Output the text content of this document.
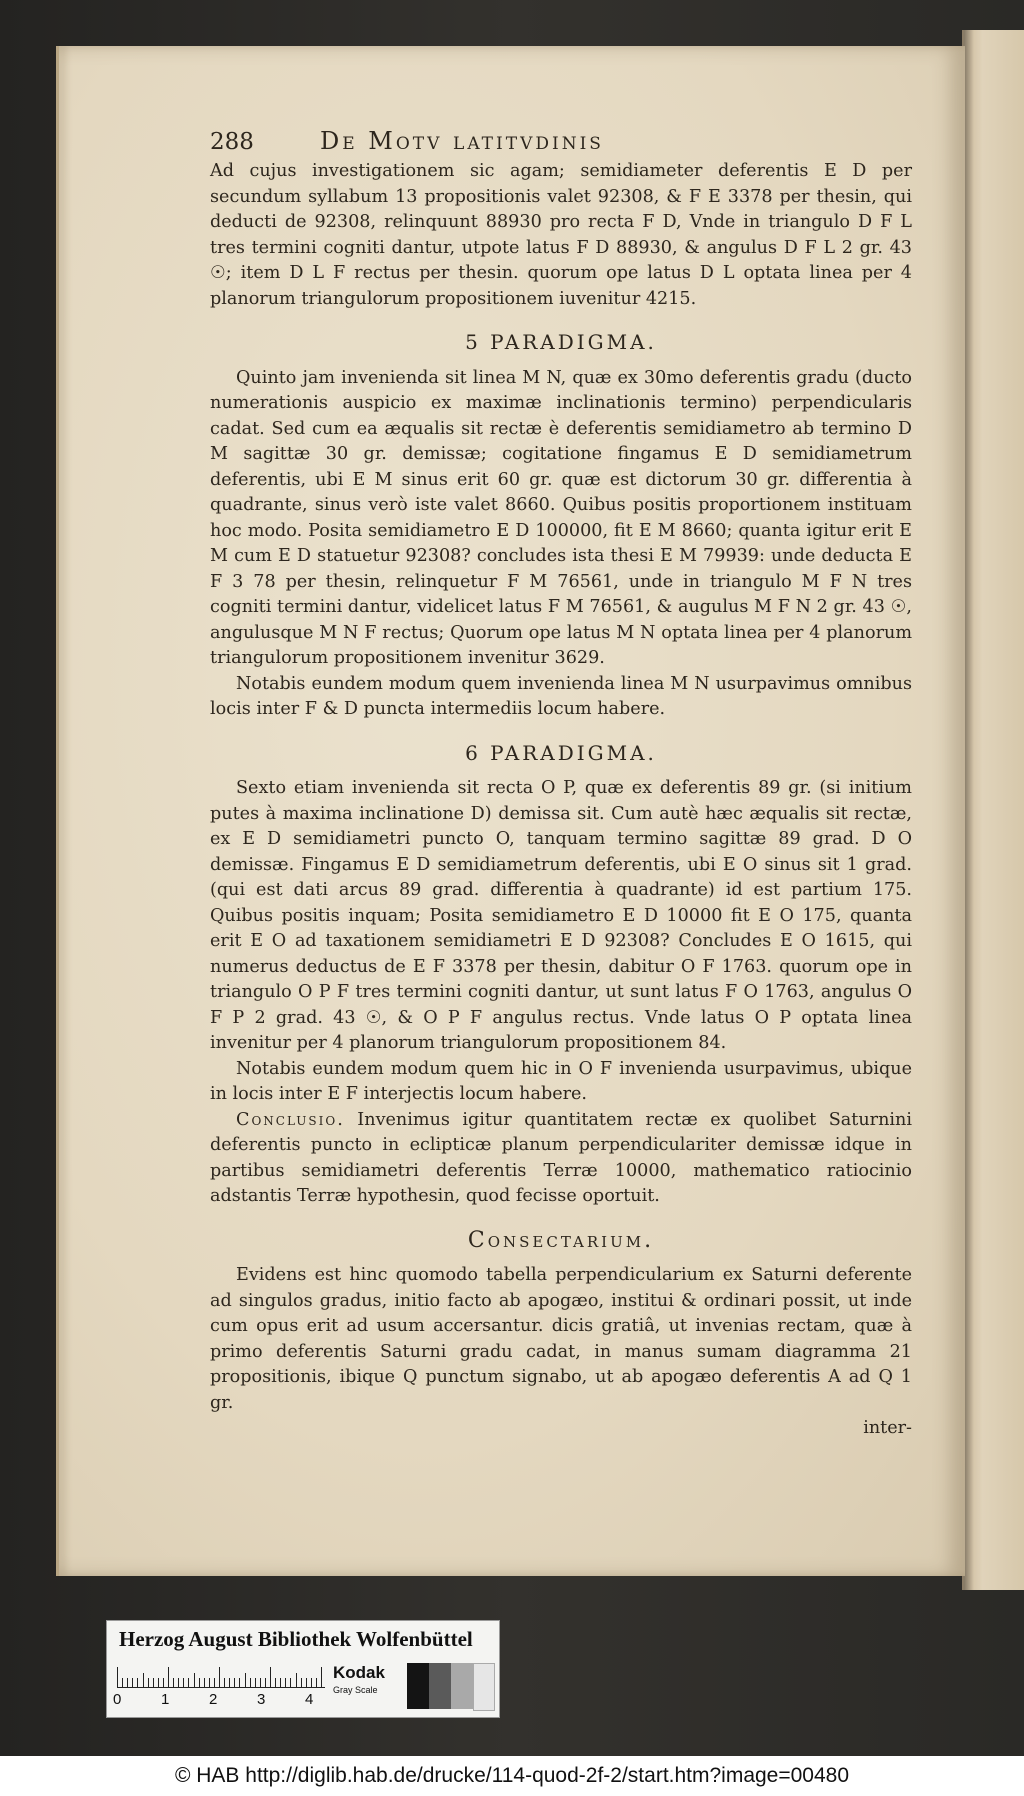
288	De Motv latitvdinis

Ad cujus investigationem sic agam; semidiameter deferentis E D per secundum syllabum 13 propositionis valet 92308, & F E 3378 per thesin, qui deducti de 92308, relinquunt 88930 pro recta F D, Vnde in triangulo D F L tres termini cogniti dantur, utpote latus F D 88930, & angulus D F L 2 gr. 43 ☉; item D L F rectus per thesin. quorum ope latus D L optata linea per 4 planorum triangulorum propositionem iuvenitur 4215.

5 PARADIGMA.

Quinto jam invenienda sit linea M N, quæ ex 30mo deferentis gradu (ducto numerationis auspicio ex maximæ inclinationis termino) perpendicularis cadat. Sed cum ea æqualis sit rectæ è deferentis semidiametro ab termino D M sagittæ 30 gr. demissæ; cogitatione fingamus E D semidiametrum deferentis, ubi E M sinus erit 60 gr. quæ est dictorum 30 gr. differentia à quadrante, sinus verò iste valet 8660. Quibus positis proportionem instituam hoc modo. Posita semidiametro E D 100000, fit E M 8660; quanta igitur erit E M cum E D statuetur 92308? concludes ista thesi E M 79939: unde deducta E F 3 78 per thesin, relinquetur F M 76561, unde in triangulo M F N tres cogniti termini dantur, videlicet latus F M 76561, & augulus M F N 2 gr. 43 ☉, angulusque M N F rectus; Quorum ope latus M N optata linea per 4 planorum triangulorum propositionem invenitur 3629.

Notabis eundem modum quem invenienda linea M N usurpavimus omnibus locis inter F & D puncta intermediis locum habere.

6 PARADIGMA.

Sexto etiam invenienda sit recta O P, quæ ex deferentis 89 gr. (si initium putes à maxima inclinatione D) demissa sit. Cum autè hæc æqualis sit rectæ, ex E D semidiametri puncto O, tanquam termino sagittæ 89 grad. D O demissæ. Fingamus E D semidiametrum deferentis, ubi E O sinus sit 1 grad. (qui est dati arcus 89 grad. differentia à quadrante) id est partium 175. Quibus positis inquam; Posita semidiametro E D 10000 fit E O 175, quanta erit E O ad taxationem semidiametri E D 92308? Concludes E O 1615, qui numerus deductus de E F 3378 per thesin, dabitur O F 1763. quorum ope in triangulo O P F tres termini cogniti dantur, ut sunt latus F O 1763, angulus O F P 2 grad. 43 ☉, & O P F angulus rectus. Vnde latus O P optata linea invenitur per 4 planorum triangulorum propositionem 84.

Notabis eundem modum quem hic in O F invenienda usurpavimus, ubique in locis inter E F interjectis locum habere.

Conclusio. Invenimus igitur quantitatem rectæ ex quolibet Saturnini deferentis puncto in eclipticæ planum perpendiculariter demissæ idque in partibus semidiametri deferentis Terræ 10000, mathematico ratiocinio adstantis Terræ hypothesin, quod fecisse oportuit.

Consectarium.

Evidens est hinc quomodo tabella perpendicularium ex Saturni deferente ad singulos gradus, initio facto ab apogæo, institui & ordinari possit, ut inde cum opus erit ad usum accersantur. dicis gratiâ, ut invenias rectam, quæ à primo deferentis Saturni gradu cadat, in manus sumam diagramma 21 propositionis, ibique Q punctum signabo, ut ab apogæo deferentis A ad Q 1 gr.

inter-
Herzog August Bibliothek Wolfenbüttel
0	1	2	3	4
Kodak
Gray Scale
© HAB http://diglib.hab.de/drucke/114-quod-2f-2/start.htm?image=00480
